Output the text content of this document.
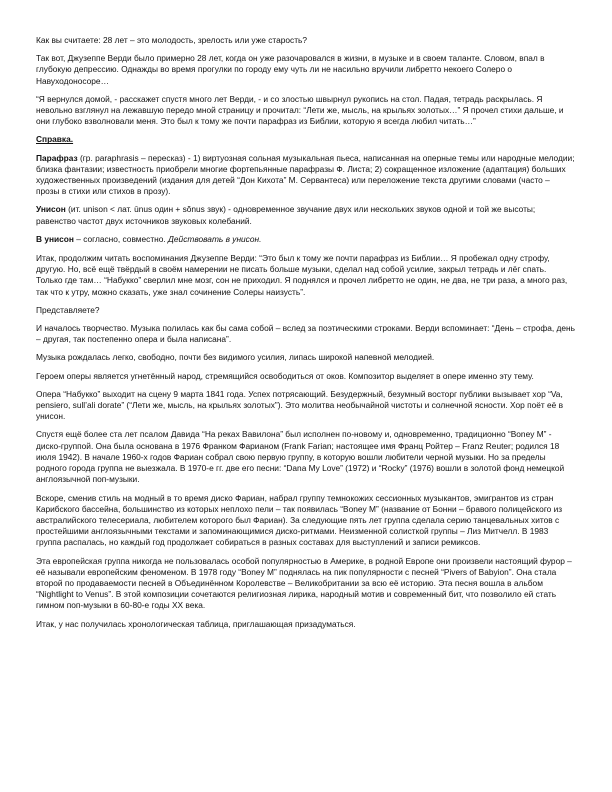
Как вы считаете: 28 лет – это молодость, зрелость или уже старость?

Так вот, Джузеппе Верди было примерно 28 лет, когда он уже разочаровался в жизни, в музыке и в своем таланте. Словом, впал в глубокую депрессию. Однажды во время прогулки по городу ему чуть ли не насильно вручили либретто некоего Солеро о Навуходоносоре…

“Я вернулся домой, - расскажет спустя много лет Верди, - и со злостью швырнул рукопись на стол. Падая, тетрадь раскрылась. Я невольно взглянул на лежавшую передо мной страницу и прочитал: “Лети же, мысль, на крыльях золотых…” Я прочел стихи дальше, и они глубоко взволновали меня. Это был к тому же почти парафраз из Библии, которую я всегда любил читать…”

Справка.

Парафраз (гр. paraphrasis – пересказ) - 1) виртуозная сольная музыкальная пьеса, написанная на оперные темы или народные мелодии; близка фантазии; известность приобрели многие фортепьянные парафразы Ф. Листа; 2) сокращенное изложение (адаптация) больших художественных произведений (издания для детей “Дон Кихота” М. Сервантеса) или переложение текста другими словами (часто – прозы в стихи или стихов в прозу).

Унисон (ит. unison < лат. ūnus один + sŏnus звук) - одновременное звучание двух или нескольких звуков одной и той же высоты; равенство частот двух источников звуковых колебаний.

В унисон – согласно, совместно. Действовать в унисон.

Итак, продолжим читать воспоминания Джузеппе Верди: “Это был к тому же почти парафраз из Библии… Я пробежал одну строфу, другую. Но, всё ещё твёрдый в своём намерении не писать больше музыки, сделал над собой усилие, закрыл тетрадь и лёг спать. Только где там… “Набукко” сверлил мне мозг, сон не приходил. Я поднялся и прочел либретто не один, не два, не три раза, а много раз, так что к утру, можно сказать, уже знал сочинение Солеры наизусть”.

Представляете?

И началось творчество. Музыка полилась как бы сама собой – вслед за поэтическими строками. Верди вспоминает: “День – строфа, день – другая, так постепенно опера и была написана”.

Музыка рождалась легко, свободно, почти без видимого усилия, липась широкой напевной мелодией.

Героем оперы является угнетённый народ, стремящийся освободиться от оков. Композитор выделяет в опере именно эту тему.

Опера “Набукко” выходит на сцену 9 марта 1841 года. Успех потрясающий. Безудержный, безумный восторг публики вызывает хор “Va, pensiero, sull’ali dorate” (“Лети же, мысль, на крыльях золотых”). Это молитва необычайной чистоты и солнечной ясности. Хор поёт её в унисон.

Спустя ещё более ста лет псалом Давида “На реках Вавилона” был исполнен по-новому и, одновременно, традиционно “Boney M” - диско-группой. Она была основана в 1976 Франком Фарианом (Frank Farian; настоящее имя Франц Ройтер – Franz Reuter; родился 18 июля 1942). В начале 1960-х годов Фариан собрал свою первую группу, в которую вошли любители черной музыки. Но за пределы родного города группа не выезжала. В 1970-е гг. две его песни: “Dana My Love” (1972) и “Rocky” (1976) вошли в золотой фонд немецкой англоязычной поп-музыки.

Вскоре, сменив стиль на модный в то время диско Фариан, набрал группу темнокожих сессионных музыкантов, эмигрантов из стран Карибского бассейна, большинство из которых неплохо пели – так появилась “Boney M” (название от Бонни – бравого полицейского из австралийского телесериала, любителем которого был Фариан). За следующие пять лет группа сделала серию танцевальных хитов с простейшими англоязычными текстами и запоминающимися диско-ритмами. Неизменной солисткой группы – Лиз Митчелл. В 1983 группа распалась, но каждый год продолжает собираться в разных составах для выступлений и записи ремиксов.

Эта европейская группа никогда не пользовалась особой популярностью в Америке, в родной Европе они произвели настоящий фурор – её называли европейским феноменом. В 1978 году “Boney M” поднялась на пик популярности с песней “Pivers of Babyion”. Она стала второй по продаваемости песней в Объединённом Королевстве – Великобритании за всю её историю. Эта песня вошла в альбом “Nightlight to Venus”. В этой композиции сочетаются религиозная лирика, народный мотив и современный бит, что позволило ей стать гимном поп-музыки в 60-80-е годы XX века.

Итак, у нас получилась хронологическая таблица, приглашающая призадуматься.
